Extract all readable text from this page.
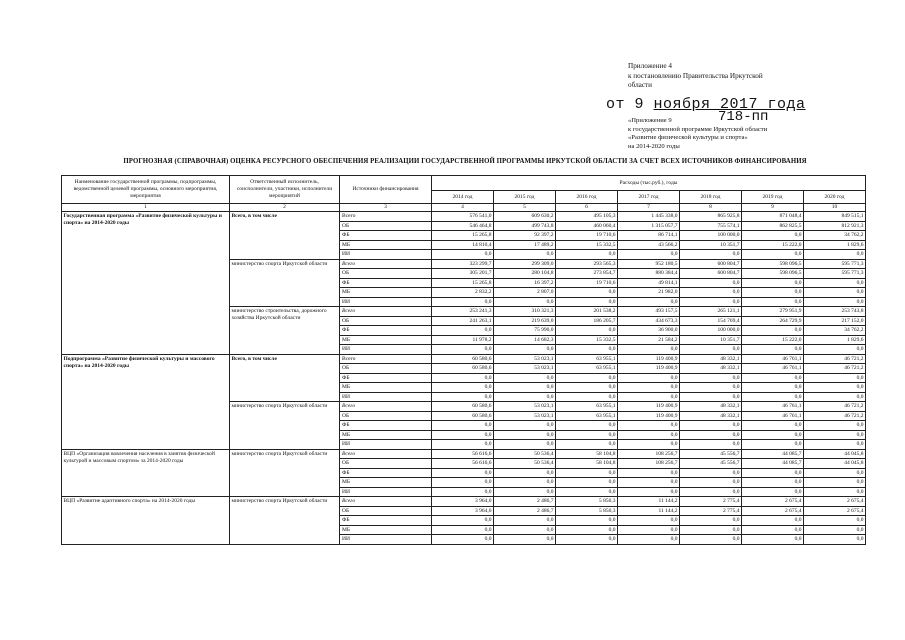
Приложение 4
к постановлению Правительства Иркутской
области
от 9 ноября 2017 года
718-пп
«Приложение 9
к государственной программе Иркутской области
«Развитие физической культуры и спорта»
на 2014-2020 годы
ПРОГНОЗНАЯ (СПРАВОЧНАЯ) ОЦЕНКА РЕСУРСНОГО ОБЕСПЕЧЕНИЯ РЕАЛИЗАЦИИ ГОСУДАРСТВЕННОЙ ПРОГРАММЫ ИРКУТСКОЙ ОБЛАСТИ ЗА СЧЕТ ВСЕХ ИСТОЧНИКОВ ФИНАНСИРОВАНИЯ
Наименование государственной программы, подпрограммы, ведомственной целевой программы, основного мероприятия, мероприятия	Ответственный исполнитель, соисполнители, участники, исполнители мероприятий	Источники финансирования	Расходы (тыс.руб.), годы						
			2014 год	2015 год	2016 год	2017 год	2018 год	2019 год	2020 год
1	2	3	4	5	6	7	8	9	10
Государственная программа «Развитие физической культуры и спорта» на 2014-2020 годы	Всего, в том числе	Всего	576 541,0	609 630,2	495 105,3	1 445 338,0	865 925,8	871 048,4	849 515,1
		ОБ	546 464,8	499 743,8	460 060,4	1 315 057,7	755 574,1	862 825,5	812 921,3
		ФБ	15 265,8	92 397,2	19 710,6	86 714,1	100 000,0	0,0	34 762,2
		МБ	14 810,4	17 489,2	15 332,5	43 566,2	10 351,7	15 222,0	1 829,6
		ИИ	0,0	0,0	0,0	0,0	0,0	0,0	0,0
	министерство спорта Иркутской области	Всего	323 299,7	299 309,0	293 565,3	952 180,5	600 804,7	598 096,5	595 771,3
		ОБ	305 201,7	280 104,8	273 854,7	880 384,4	600 804,7	598 096,5	595 771,3
		ФБ	15 265,8	16 397,2	19 710,6	49 814,1	0,0	0,0	0,0
		МБ	2 832,2	2 807,0	0,0	21 982,0	0,0	0,0	0,0
		ИИ	0,0	0,0	0,0	0,0	0,0	0,0	0,0
	министерство строительства, дорожного хозяйства Иркутской области	Всего	253 241,3	310 321,3	201 538,2	493 157,5	265 121,1	279 951,9	253 743,8
		ОБ	241 263,1	219 639,0	186 205,7	434 673,3	154 769,4	264 729,9	217 152,0
		ФБ	0,0	75 990,0	0,0	36 900,0	100 000,0	0,0	34 762,2
		МБ	11 978,2	14 682,3	15 332,5	21 584,2	10 351,7	15 222,0	1 829,6
		ИИ	0,0	0,0	0,0	0,0	0,0	0,0	0,0
Подпрограмма «Развитие физической культуры и массового спорта» на 2014-2020 годы	Всего, в том числе	Всего	60 580,6	53 023,1	63 955,1	119 400,9	48 332,1	46 761,1	46 721,2
		ОБ	60 580,6	53 023,1	63 955,1	119 400,9	48 332,1	46 761,1	46 721,2
		ФБ	0,0	0,0	0,0	0,0	0,0	0,0	0,0
		МБ	0,0	0,0	0,0	0,0	0,0	0,0	0,0
		ИИ	0,0	0,0	0,0	0,0	0,0	0,0	0,0
	министерство спорта Иркутской области	Всего	60 580,6	53 023,1	63 955,1	119 400,9	48 332,1	46 761,1	46 721,2
		ОБ	60 580,6	53 023,1	63 955,1	119 400,9	48 332,1	46 761,1	46 721,2
		ФБ	0,0	0,0	0,0	0,0	0,0	0,0	0,0
		МБ	0,0	0,0	0,0	0,0	0,0	0,0	0,0
		ИИ	0,0	0,0	0,0	0,0	0,0	0,0	0,0
ВЦП «Организация вовлечения населения в занятия физической культурой и массовым спортом» за 2014-2020 годы	министерство спорта Иркутской области	Всего	56 616,6	50 536,4	58 104,8	108 256,7	45 556,7	44 085,7	44 045,8
		ОБ	56 616,6	50 536,4	58 104,8	108 256,7	45 556,7	44 085,7	44 045,8
		ФБ	0,0	0,0	0,0	0,0	0,0	0,0	0,0
		МБ	0,0	0,0	0,0	0,0	0,0	0,0	0,0
		ИИ	0,0	0,0	0,0	0,0	0,0	0,0	0,0
ВЦП «Развитие адаптивного спорта» на 2014-2020 годы	министерство спорта Иркутской области	Всего	3 964,0	2 486,7	5 850,3	11 144,2	2 775,4	2 675,4	2 675,4
		ОБ	3 964,0	2 486,7	5 850,3	11 144,2	2 775,4	2 675,4	2 675,4
		ФБ	0,0	0,0	0,0	0,0	0,0	0,0	0,0
		МБ	0,0	0,0	0,0	0,0	0,0	0,0	0,0
		ИИ	0,0	0,0	0,0	0,0	0,0	0,0	0,0
